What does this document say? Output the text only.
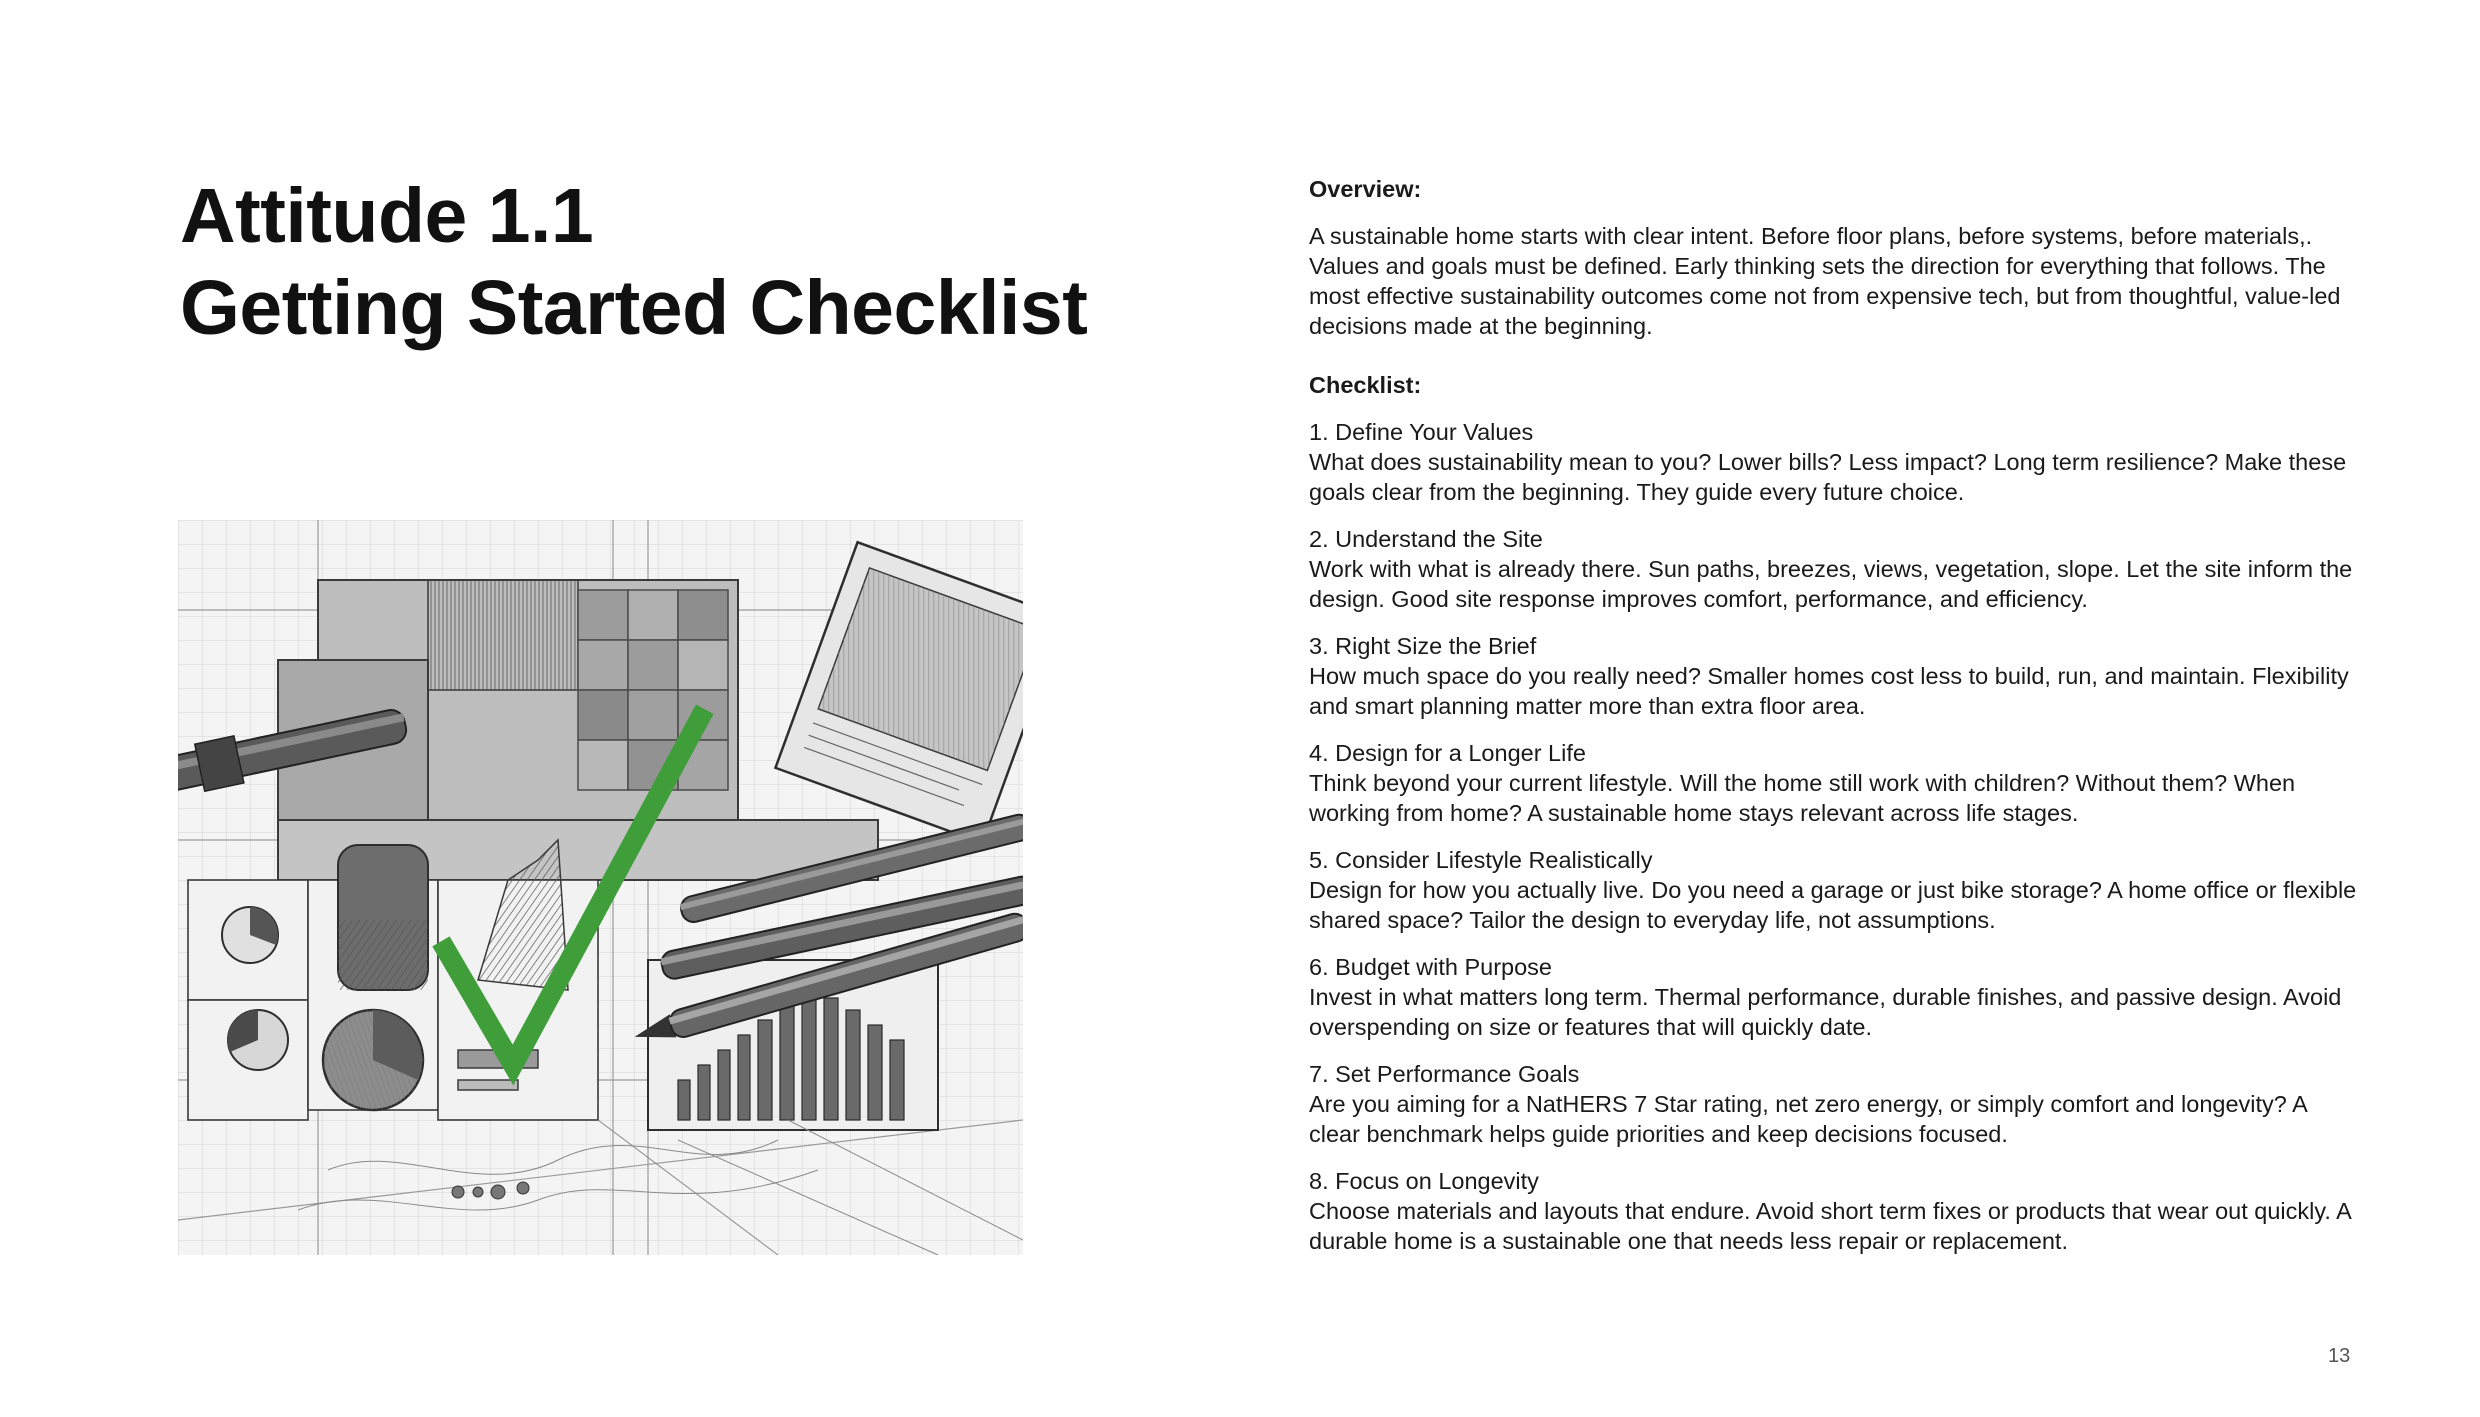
Attitude 1.1
Getting Started Checklist

Overview:

A sustainable home starts with clear intent. Before floor plans, before systems, before materials,. Values and goals must be defined. Early thinking sets the direction for everything that follows. The most effective sustainability outcomes come not from expensive tech, but from thoughtful, value-led decisions made at the beginning.

Checklist:

1. Define Your Values
What does sustainability mean to you? Lower bills? Less impact? Long term resilience? Make these goals clear from the beginning. They guide every future choice.
2. Understand the Site
Work with what is already there. Sun paths, breezes, views, vegetation, slope. Let the site inform the design. Good site response improves comfort, performance, and efficiency.
3. Right Size the Brief
How much space do you really need? Smaller homes cost less to build, run, and maintain. Flexibility and smart planning matter more than extra floor area.
4. Design for a Longer Life
Think beyond your current lifestyle. Will the home still work with children? Without them? When working from home? A sustainable home stays relevant across life stages.
5. Consider Lifestyle Realistically
Design for how you actually live. Do you need a garage or just bike storage? A home office or flexible shared space? Tailor the design to everyday life, not assumptions.
6. Budget with Purpose
Invest in what matters long term. Thermal performance, durable finishes, and passive design. Avoid overspending on size or features that will quickly date.
7. Set Performance Goals
Are you aiming for a NatHERS 7 Star rating, net zero energy, or simply comfort and longevity? A clear benchmark helps guide priorities and keep decisions focused.
8. Focus on Longevity
Choose materials and layouts that endure. Avoid short term fixes or products that wear out quickly. A durable home is a sustainable one that needs less repair or replacement.
13
